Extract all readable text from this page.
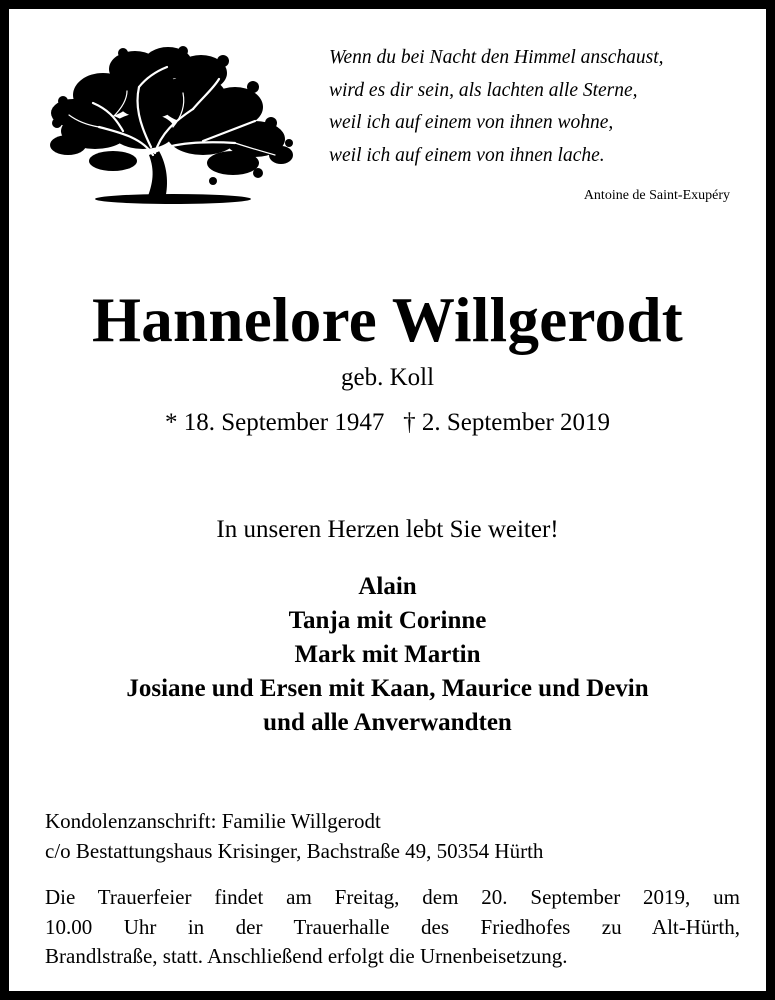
Wenn du bei Nacht den Himmel anschaust,
wird es dir sein, als lachten alle Sterne,
weil ich auf einem von ihnen wohne,
weil ich auf einem von ihnen lache.
Antoine de Saint-Exupéry
Hannelore Willgerodt
geb. Koll
* 18. September 1947   † 2. September 2019
In unseren Herzen lebt Sie weiter!
Alain
Tanja mit Corinne
Mark mit Martin
Josiane und Ersen mit Kaan, Maurice und Devin
und alle Anverwandten
Kondolenzanschrift: Familie Willgerodt
c/o Bestattungshaus Krisinger, Bachstraße 49, 50354 Hürth
Die Trauerfeier findet am Freitag, dem 20. September 2019, um
10.00 Uhr in der Trauerhalle des Friedhofes zu Alt-Hürth,
Brandlstraße, statt. Anschließend erfolgt die Urnenbeisetzung.
